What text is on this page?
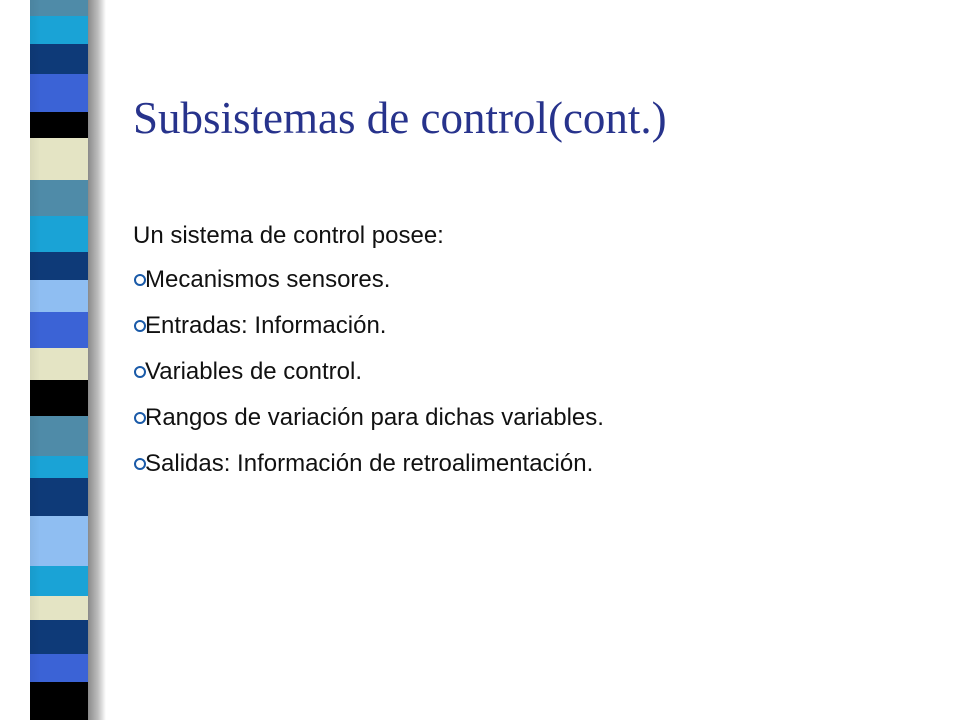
Subsistemas de control(cont.)
Un sistema de control posee:
Mecanismos sensores.
Entradas: Información.
Variables de control.
Rangos de variación para dichas variables.
Salidas: Información de retroalimentación.
